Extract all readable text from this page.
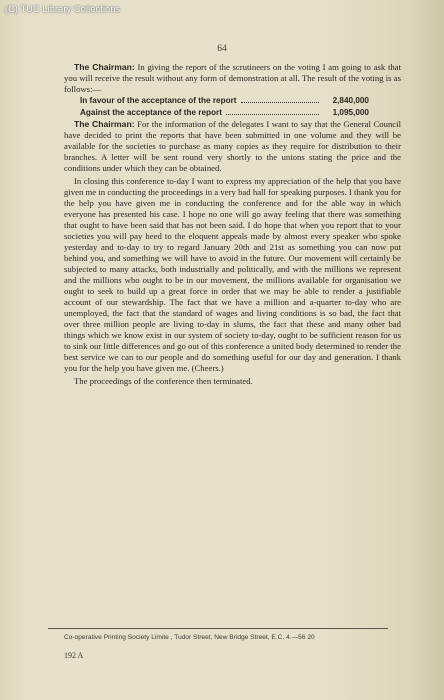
(C) TUC Library Collections
64

The Chairman: In giving the report of the scrutineers on the voting I am going to ask that you will receive the result without any form of demonstration at all. The result of the voting is as follows:—

In favour of the acceptance of the report	2,840,000
Against the acceptance of the report	1,095,000

The Chairman: For the information of the delegates I want to say that the General Council have decided to print the reports that have been submitted in one volume and they will be available for the societies to purchase as many copies as they require for distribution to their branches. A letter will be sent round very shortly to the unions stating the price and the conditions under which they can be obtained.

In closing this conference to-day I want to express my appreciation of the help that you have given me in conducting the proceedings in a very bad hall for speaking purposes. I thank you for the help you have given me in conducting the conference and for the able way in which everyone has presented his case. I hope no one will go away feeling that there was something that ought to have been said that has not been said. I do hope that when you report that to your societies you will pay heed to the eloquent appeals made by almost every speaker who spoke yesterday and to-day to try to regard January 20th and 21st as something you can now put behind you, and something we will have to avoid in the future. Our movement will certainly be subjected to many attacks, both industrially and politically, and with the millions we represent and the millions who ought to be in our movement, the millions available for organisation we ought to seek to build up a great force in order that we may be able to render a justifiable account of our stewardship. The fact that we have a million and a-quarter to-day who are unemployed, the fact that the standard of wages and living conditions is so bad, the fact that over three million people are living to-day in slums, the fact that these and many other bad things which we know exist in our system of society to-day, ought to be sufficient reason for us to sink our little differences and go out of this conference a united body determined to render the best service we can to our people and do something useful for our day and generation. I thank you for the help you have given me. (Cheers.)

The proceedings of the conference then terminated.

Co-operative Printing Society Limite , Tudor Street, New Bridge Street, E.C. 4.—56 20
192 A
